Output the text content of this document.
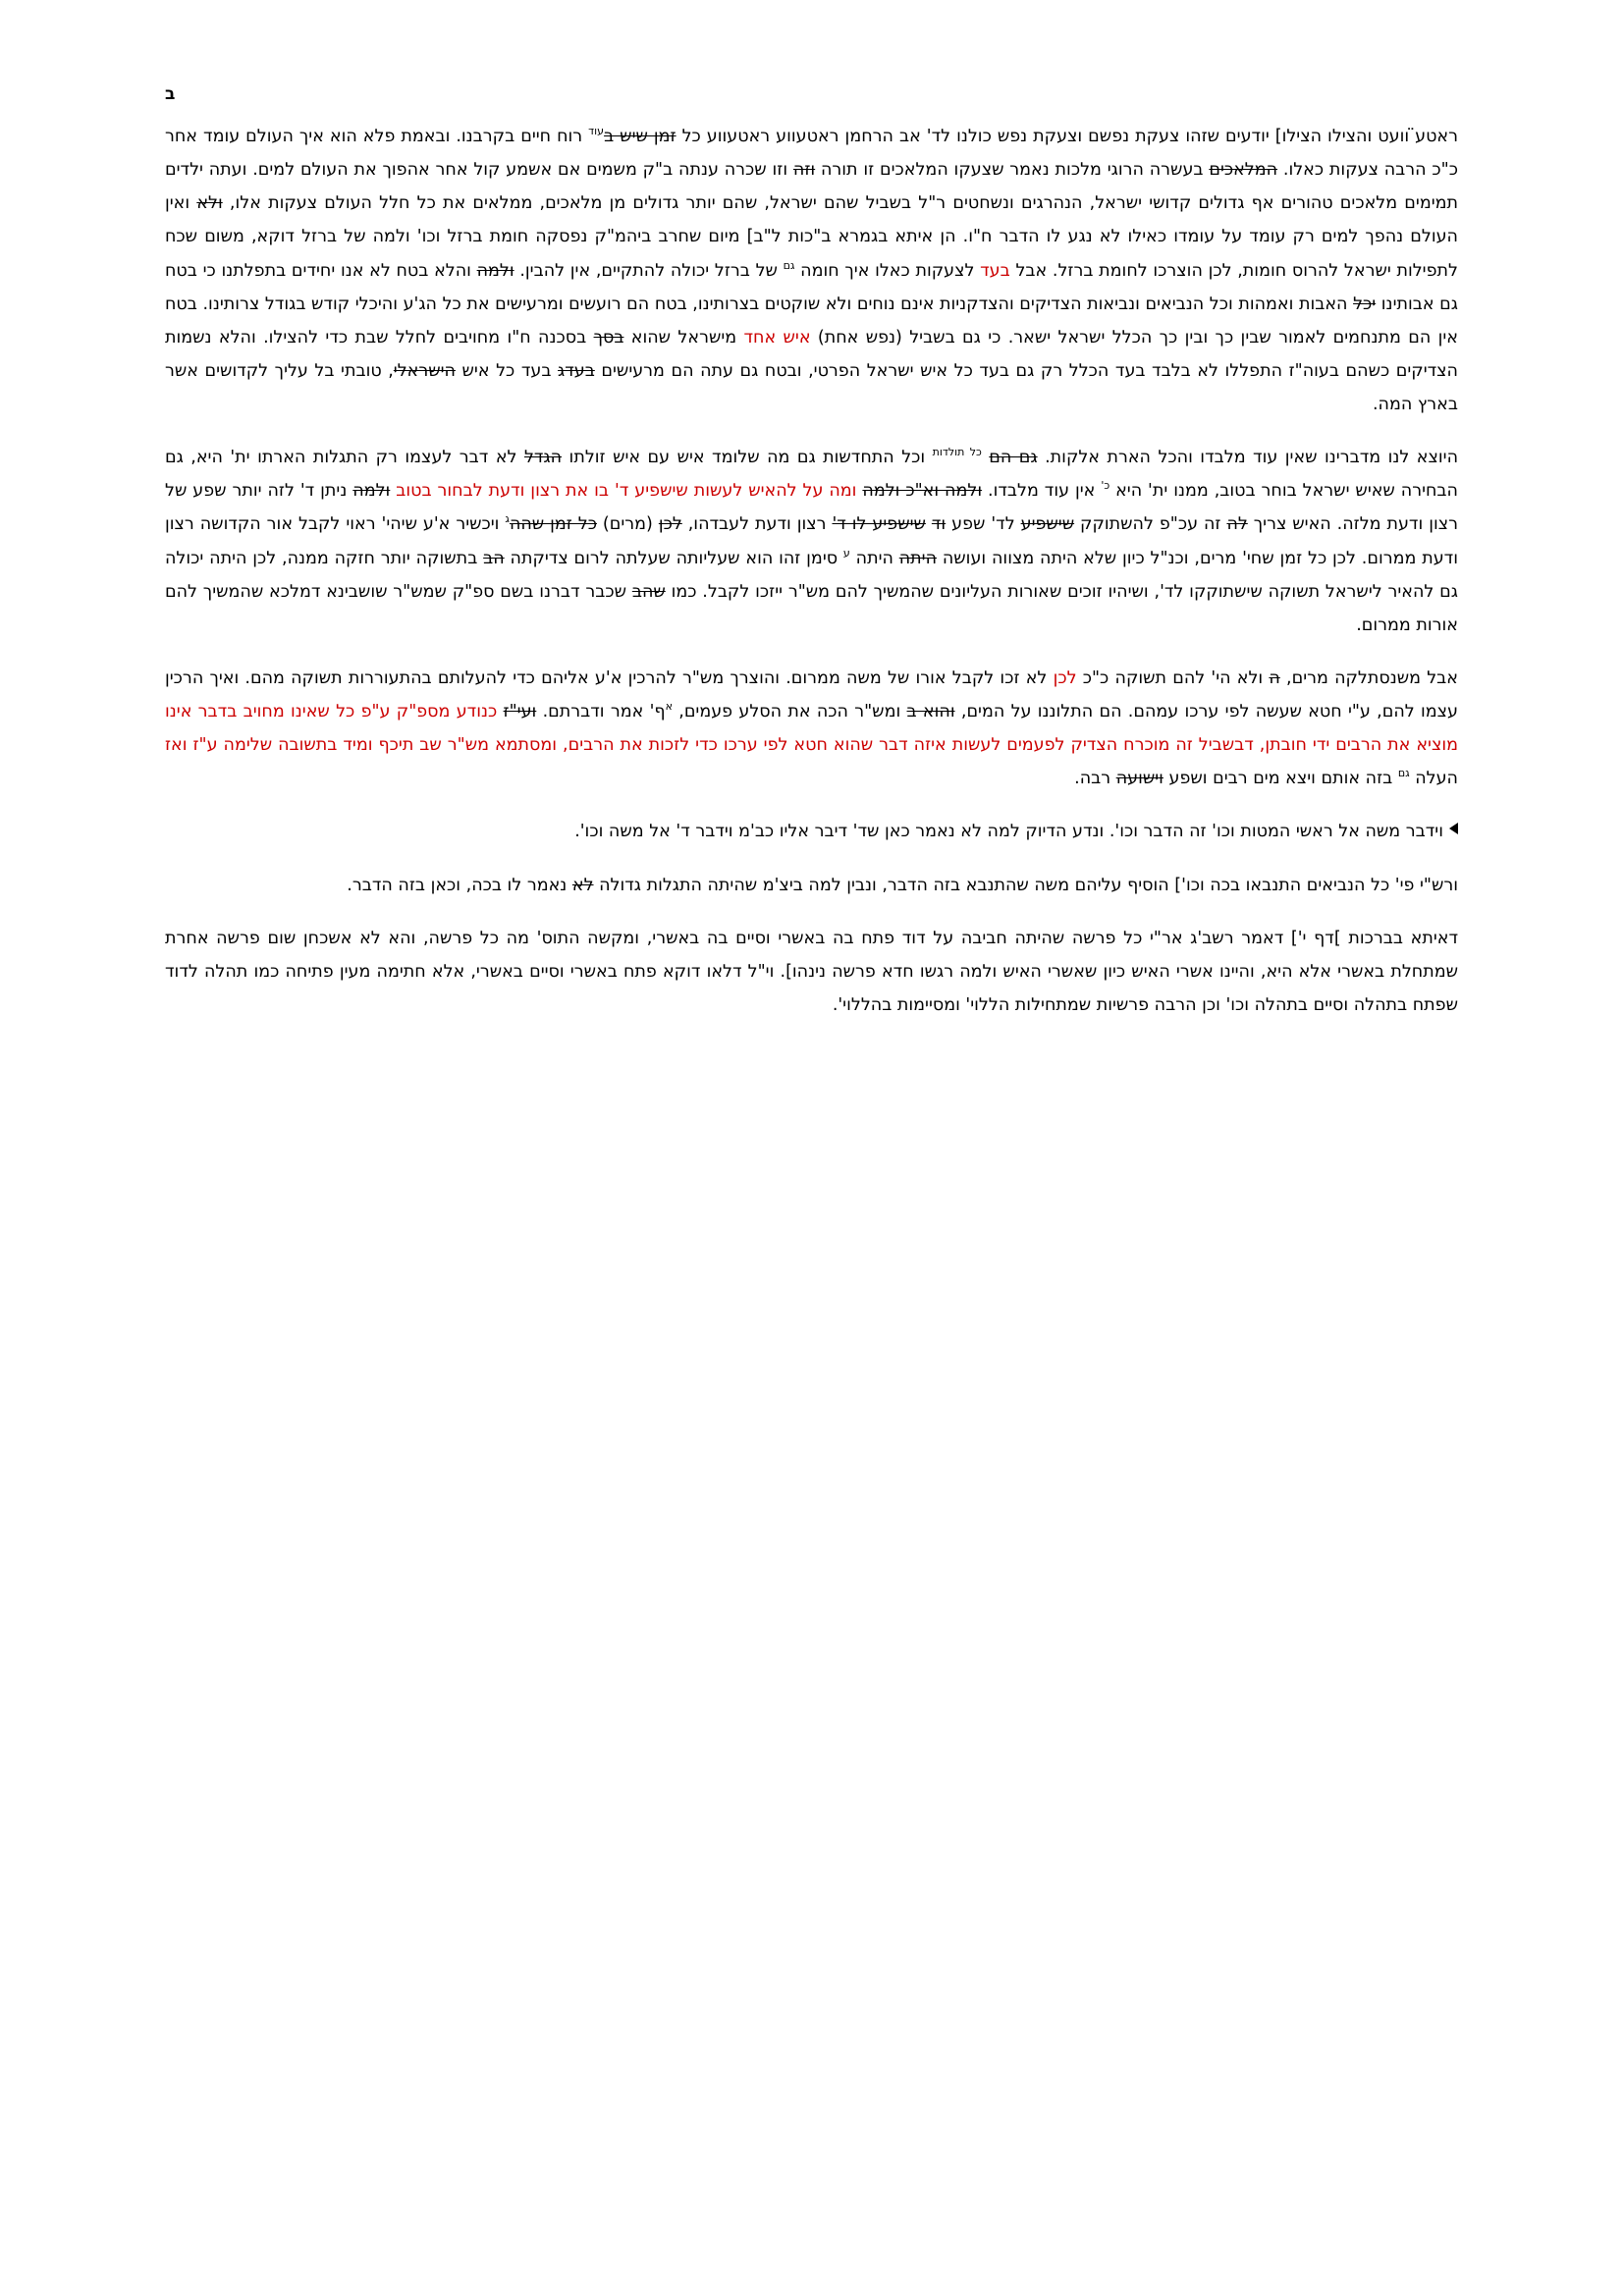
ב

ראטע וועט והצילו הצילו] יודעים שזהו צעקת נפשם וצעקת נפש כולנו לד' אב הרחמן ראטעווע ראטעווע כל זמן שיש ב$^{עוד}$ רוח חיים בקרבנו. ובאמת פלא הוא איך העולם עומד אחר כ"כ הרבה צעקות כאלו. המלאכים בעשרה הרוגי מלכות נאמר שצעקו המלאכים זו תורה וזה וזו שכרה ענתה ב"ק משמים אם אשמע קול אחר אהפוך את העולם למים. ועתה ילדים תמימים מלאכים טהורים אף גדולים קדושי ישראל, הנהרגים ונשחטים ר"ל בשביל שהם ישראל, שהם יותר גדולים מן מלאכים, ממלאים את כל חלל העולם צעקות אלו, ולא ואין העולם נהפך למים רק עומד על עומדו כאילו לא נגע לו הדבר ח"ו. הן איתא בגמרא ב"כות ל"ב] מיום שחרב ביהמ"ק נפסקה חומת ברזל וכו' ולמה של ברזל דוקא, משום שכח לתפילות ישראל להרוס חומות, לכן הוצרכו לחומת ברזל. אבל בעד לצעקות כאלו איך חומה $^{גם}$ של ברזל יכולה להתקיים, אין להבין. ולמה והלא בטח לא אנו יחידים בתפלתנו כי בטח גם אבותינו יכל האבות ואמהות וכל הנביאים ונביאות הצדיקים והצדקניות אינם נוחים ולא שוקטים בצרותינו, בטח הם רועשים ומרעישים את כל הג'ע והיכלי קודש בגודל צרותינו. בטח אין הם מתנחמים לאמור שבין כך ובין כך הכלל ישראל ישאר. כי גם בשביל (נפש אחת) איש אחד מישראל שהוא בסך בסכנה ח"ו מחויבים לחלל שבת כדי להצילו. והלא נשמות הצדיקים כשהם בעוה"ז התפללו לא בלבד בעד הכלל רק גם בעד כל איש ישראל הפרטי, ובטח גם עתה הם מרעישים בעדג בעד כל איש הישראלי, טובתי בל עליך לקדושים אשר בארץ המה.

היוצא לנו מדברינו שאין עוד מלבדו והכל הארת אלקות. גם הם $^{כל תולדות}$ וכל התחדשות גם מה שלומד איש עם איש זולתו הגדל לא דבר לעצמו רק התגלות הארתו ית' היא, גם הבחירה שאיש ישראל בוחר בטוב, ממנו ית' היא $^{כ'}$ אין עוד מלבדו. ולמה וא"כ ולמה ומה על להאיש לעשות שישפיע ד' בו את רצון ודעת לבחור בטוב ולמה ניתן ד' לזה יותר שפע של רצון ודעת מלזה. האיש צריך לה זה עכ"פ להשתוקק שישפיע לד' שפע וד שישפיע לו ד' רצון ודעת לעבדהו, לכן (מרים) כל זמן שהה$^ג$ ויכשיר א'ע שיהי' ראוי לקבל אור הקדושה רצון ודעת ממרום. לכן כל זמן שחי' מרים, וכנ"ל כיון שלא היתה מצווה ועושה היתה היתה $^ע$ סימן זהו הוא שעליותה שעלתה לרום צדיקתה הב בתשוקה יותר חזקה ממנה, לכן היתה יכולה גם להאיר לישראל תשוקה שישתוקקו לד', ושיהיו זוכים שאורות העליונים שהמשיך להם מש"ר ייזכו לקבל. כמו שהב שכבר דברנו בשם ספ"ק שמש"ר שושבינא דמלכא שהמשיך להם אורות ממרום.

אבל משנסתלקה מרים, ה ולא הי' להם תשוקה כ"כ לכן לא זכו לקבל אורו של משה ממרום. והוצרך מש"ר להרכין א'ע אליהם כדי להעלותם בהתעוררות תשוקה מהם. ואיך הרכין עצמו להם, ע"י חטא שעשה לפי ערכו עמהם. הם התלוננו על המים, והוא ב ומש"ר הכה את הסלע פעמים, $^א$ף' אמר ודברתם. ועי"ז כנודע מספ"ק ע"פ כל שאינו מחויב בדבר אינו מוציא את הרבים ידי חובתן, דבשביל זה מוכרח הצדיק לפעמים לעשות איזה דבר שהוא חטא לפי ערכו כדי לזכות את הרבים, ומסתמא מש"ר שב תיכף ומיד בתשובה שלימה ע"ז ואז העלה $^{גם}$ בזה אותם ויצא מים רבים ושפע וישועה רבה.

וידבר משה אל ראשי המטות וכו' זה הדבר וכו'. ונדע הדיוק למה לא נאמר כאן שד' דיבר אליו כב'מ וידבר ד' אל משה וכו'.

ורש"י פי' כל הנביאים התנבאו בכה וכו'] הוסיף עליהם משה שהתנבא בזה הדבר, ונבין למה ביצ'מ שהיתה התגלות גדולה לא נאמר לו בכה, וכאן בזה הדבר.

דאיתא בברכות ]דף י'] דאמר רשב'ג אר"י כל פרשה שהיתה חביבה על דוד פתח בה באשרי וסיים בה באשרי, ומקשה התוס' מה כל פרשה, והא לא אשכחן שום פרשה אחרת שמתחלת באשרי אלא היא, והיינו אשרי האיש כיון שאשרי האיש ולמה רגשו חדא פרשה נינהו]. וי"ל דלאו דוקא פתח באשרי וסיים באשרי, אלא חתימה מעין פתיחה כמו תהלה לדוד שפתח בתהלה וסיים בתהלה וכו' וכן הרבה פרשיות שמתחילות הללוי' ומסיימות בהללוי'.
